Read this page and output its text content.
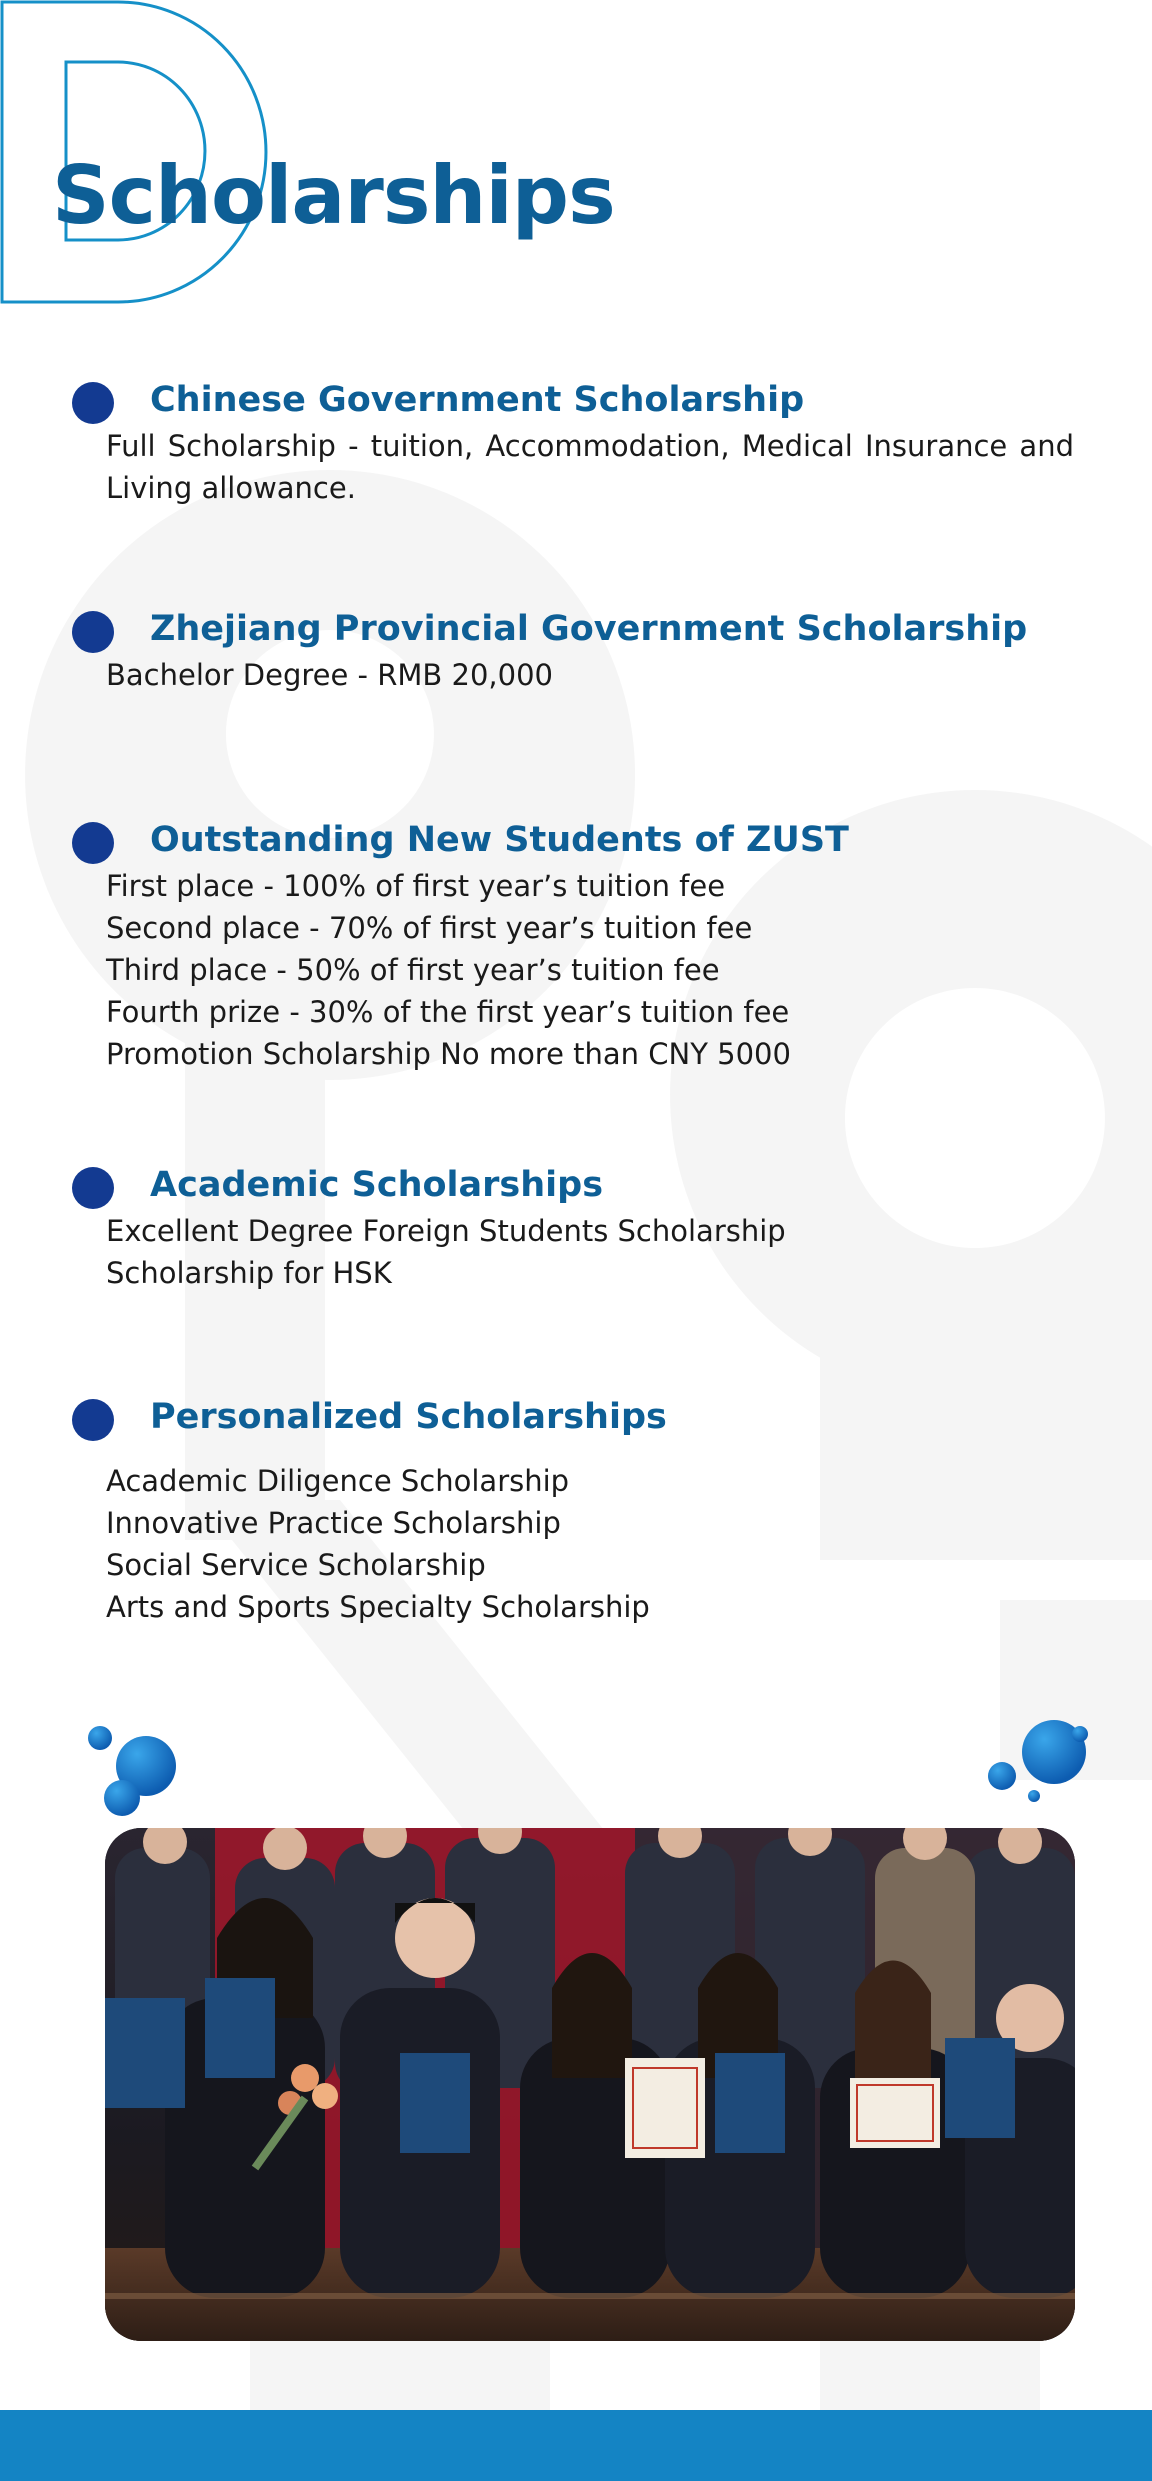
Scholarships
Chinese Government Scholarship

Full Scholarship - tuition, Accommodation, Medical Insurance and Living allowance.

Zhejiang Provincial Government Scholarship
Bachelor Degree - RMB 20,000
Outstanding New Students of ZUST
First place - 100% of first year’s tuition fee
Second place - 70% of first year’s tuition fee
Third place - 50% of first year’s tuition fee
Fourth prize - 30% of the first year’s tuition fee
Promotion Scholarship No more than CNY 5000
Academic Scholarships
Excellent Degree Foreign Students Scholarship
Scholarship for HSK
Personalized Scholarships
Academic Diligence Scholarship
Innovative Practice Scholarship
Social Service Scholarship
Arts and Sports Specialty Scholarship
